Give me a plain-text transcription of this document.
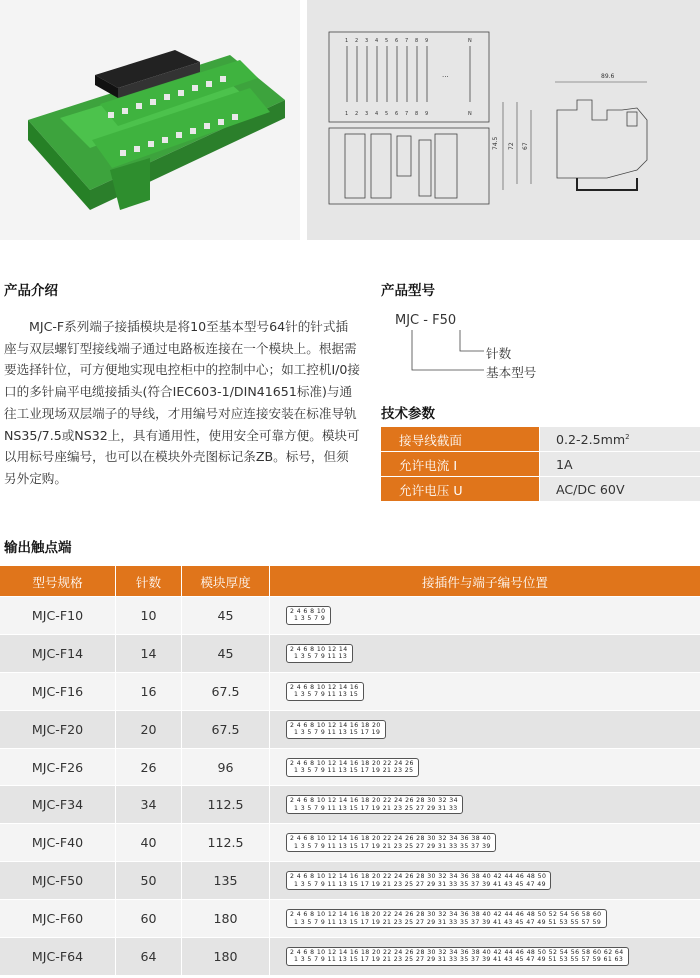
1 2 3 4 5 6 7 8 9	N
1 2 3 4 5 6 7 8 9	N
...	89.6
74.5 72 67
产品介绍

MJC-F系列端子接插模块是将10至基本型号64针的针式插座与双层螺钉型接线端子通过电路板连接在一个模块上。根据需要选择针位，可方便地实现电控柜中的控制中心；如工控机I/0接口的多针扁平电缆接插头(符合IEC603-1/DIN41651标准)与通往工业现场双层端子的导线，才用编号对应连接安装在标准导轨NS35/7.5或NS32上，具有通用性，使用安全可靠方便。模块可以用标号座编号，也可以在模块外壳图标记条ZB。标号，但须另外定购。

产品型号
MJC - F50
针数
基本型号
技术参数
接导线截面	$0.2-2.5mm^2$
允许电流 I	1A
允许电压 U	AC/DC 60V
输出触点端
型号规格	针数	模块厚度	接插件与端子编号位置
MJC-F10	10	45	2 4 6 8 10
1 3 5 7 9

MJC-F14	14	45	2 4 6 8 10 12 14
1 3 5 7 9 11 13

MJC-F16	16	67.5	2 4 6 8 10 12 14 16
1 3 5 7 9 11 13 15

MJC-F20	20	67.5	2 4 6 8 10 12 14 16 18 20
1 3 5 7 9 11 13 15 17 19

MJC-F26	26	96	2 4 6 8 10 12 14 16 18 20 22 24 26
1 3 5 7 9 11 13 15 17 19 21 23 25

MJC-F34	34	112.5	2 4 6 8 10 12 14 16 18 20 22 24 26 28 30 32 34
1 3 5 7 9 11 13 15 17 19 21 23 25 27 29 31 33

MJC-F40	40	112.5	2 4 6 8 10 12 14 16 18 20 22 24 26 28 30 32 34 36 38 40
1 3 5 7 9 11 13 15 17 19 21 23 25 27 29 31 33 35 37 39

MJC-F50	50	135	2 4 6 8 10 12 14 16 18 20 22 24 26 28 30 32 34 36 38 40 42 44 46 48 50
1 3 5 7 9 11 13 15 17 19 21 23 25 27 29 31 33 35 37 39 41 43 45 47 49

MJC-F60	60	180	2 4 6 8 10 12 14 16 18 20 22 24 26 28 30 32 34 36 38 40 42 44 46 48 50 52 54 56 58 60
1 3 5 7 9 11 13 15 17 19 21 23 25 27 29 31 33 35 37 39 41 43 45 47 49 51 53 55 57 59

MJC-F64	64	180	2 4 6 8 10 12 14 16 18 20 22 24 26 28 30 32 34 36 38 40 42 44 46 48 50 52 54 56 58 60 62 64
1 3 5 7 9 11 13 15 17 19 21 23 25 27 29 31 33 35 37 39 41 43 45 47 49 51 53 55 57 59 61 63
